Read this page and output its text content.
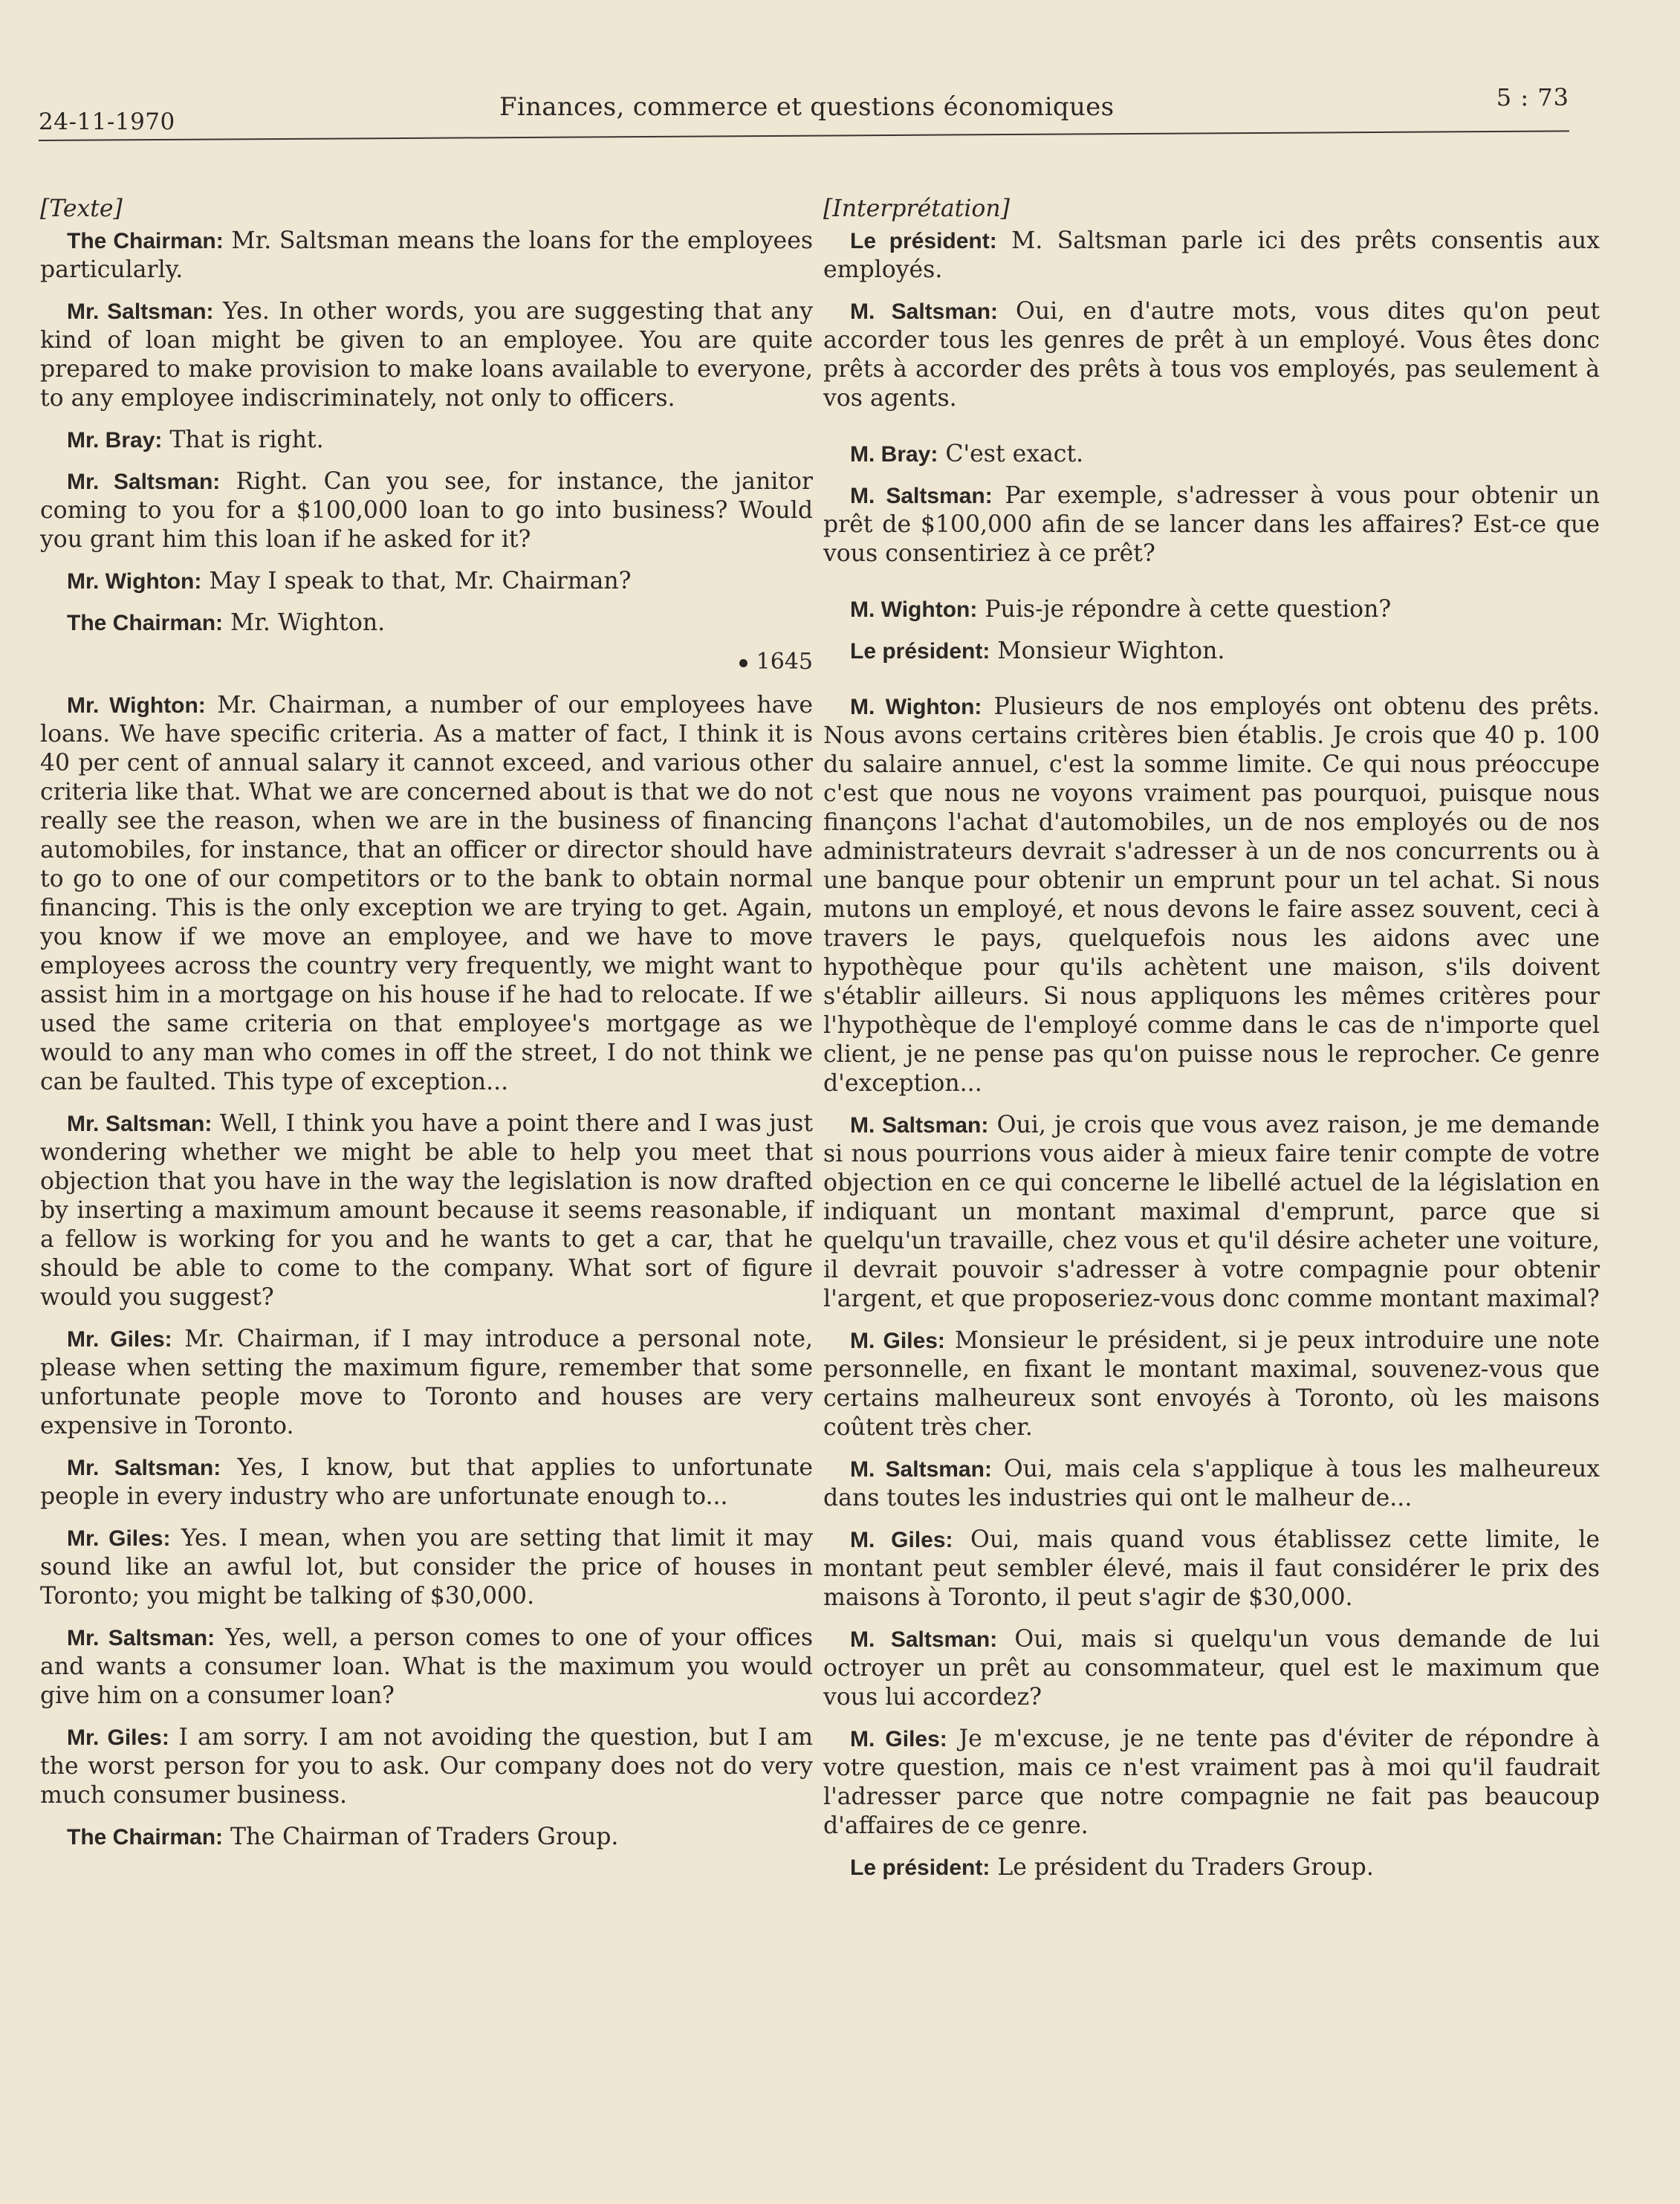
24-11-1970	Finances, commerce et questions économiques	5 : 73

[Texte]

The Chairman: Mr. Saltsman means the loans for the employees particularly.

Mr. Saltsman: Yes. In other words, you are suggesting that any kind of loan might be given to an employee. You are quite prepared to make provision to make loans available to everyone, to any employee indiscriminately, not only to officers.

Mr. Bray: That is right.

Mr. Saltsman: Right. Can you see, for instance, the janitor coming to you for a $100,000 loan to go into business? Would you grant him this loan if he asked for it?

Mr. Wighton: May I speak to that, Mr. Chairman?

The Chairman: Mr. Wighton.

1645

Mr. Wighton: Mr. Chairman, a number of our employees have loans. We have specific criteria. As a matter of fact, I think it is 40 per cent of annual salary it cannot exceed, and various other criteria like that. What we are concerned about is that we do not really see the reason, when we are in the business of financing automobiles, for instance, that an officer or director should have to go to one of our competitors or to the bank to obtain normal financing. This is the only exception we are trying to get. Again, you know if we move an employee, and we have to move employees across the country very frequently, we might want to assist him in a mortgage on his house if he had to relocate. If we used the same criteria on that employee's mortgage as we would to any man who comes in off the street, I do not think we can be faulted. This type of exception...

Mr. Saltsman: Well, I think you have a point there and I was just wondering whether we might be able to help you meet that objection that you have in the way the legislation is now drafted by inserting a maximum amount because it seems reasonable, if a fellow is working for you and he wants to get a car, that he should be able to come to the company. What sort of figure would you suggest?

Mr. Giles: Mr. Chairman, if I may introduce a personal note, please when setting the maximum figure, remember that some unfortunate people move to Toronto and houses are very expensive in Toronto.

Mr. Saltsman: Yes, I know, but that applies to unfortunate people in every industry who are unfortunate enough to...

Mr. Giles: Yes. I mean, when you are setting that limit it may sound like an awful lot, but consider the price of houses in Toronto; you might be talking of $30,000.

Mr. Saltsman: Yes, well, a person comes to one of your offices and wants a consumer loan. What is the maximum you would give him on a consumer loan?

Mr. Giles: I am sorry. I am not avoiding the question, but I am the worst person for you to ask. Our company does not do very much consumer business.

The Chairman: The Chairman of Traders Group.

[Interprétation]

Le président: M. Saltsman parle ici des prêts consentis aux employés.

M. Saltsman: Oui, en d'autre mots, vous dites qu'on peut accorder tous les genres de prêt à un employé. Vous êtes donc prêts à accorder des prêts à tous vos employés, pas seulement à vos agents.

M. Bray: C'est exact.

M. Saltsman: Par exemple, s'adresser à vous pour obtenir un prêt de $100,000 afin de se lancer dans les affaires? Est-ce que vous consentiriez à ce prêt?

M. Wighton: Puis-je répondre à cette question?

Le président: Monsieur Wighton.

M. Wighton: Plusieurs de nos employés ont obtenu des prêts. Nous avons certains critères bien établis. Je crois que 40 p. 100 du salaire annuel, c'est la somme limite. Ce qui nous préoccupe c'est que nous ne voyons vraiment pas pourquoi, puisque nous finançons l'achat d'automobiles, un de nos employés ou de nos administrateurs devrait s'adresser à un de nos concurrents ou à une banque pour obtenir un emprunt pour un tel achat. Si nous mutons un employé, et nous devons le faire assez souvent, ceci à travers le pays, quelquefois nous les aidons avec une hypothèque pour qu'ils achètent une maison, s'ils doivent s'établir ailleurs. Si nous appliquons les mêmes critères pour l'hypothèque de l'employé comme dans le cas de n'importe quel client, je ne pense pas qu'on puisse nous le reprocher. Ce genre d'exception...

M. Saltsman: Oui, je crois que vous avez raison, je me demande si nous pourrions vous aider à mieux faire tenir compte de votre objection en ce qui concerne le libellé actuel de la législation en indiquant un montant maximal d'emprunt, parce que si quelqu'un travaille, chez vous et qu'il désire acheter une voiture, il devrait pouvoir s'adresser à votre compagnie pour obtenir l'argent, et que proposeriez-vous donc comme montant maximal?

M. Giles: Monsieur le président, si je peux introduire une note personnelle, en fixant le montant maximal, souvenez-vous que certains malheureux sont envoyés à Toronto, où les maisons coûtent très cher.

M. Saltsman: Oui, mais cela s'applique à tous les malheureux dans toutes les industries qui ont le malheur de...

M. Giles: Oui, mais quand vous établissez cette limite, le montant peut sembler élevé, mais il faut considérer le prix des maisons à Toronto, il peut s'agir de $30,000.

M. Saltsman: Oui, mais si quelqu'un vous demande de lui octroyer un prêt au consommateur, quel est le maximum que vous lui accordez?

M. Giles: Je m'excuse, je ne tente pas d'éviter de répondre à votre question, mais ce n'est vraiment pas à moi qu'il faudrait l'adresser parce que notre compagnie ne fait pas beaucoup d'affaires de ce genre.

Le président: Le président du Traders Group.
